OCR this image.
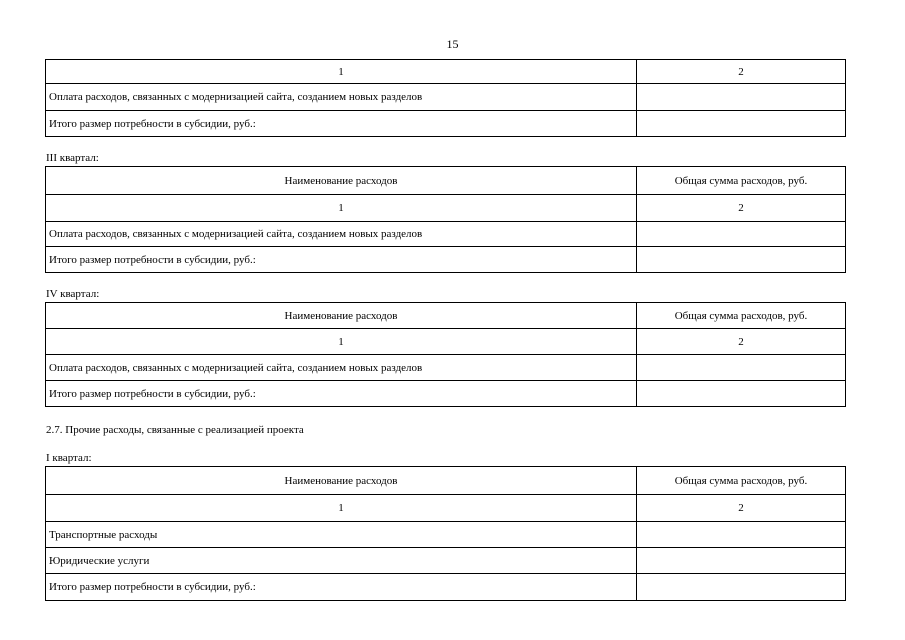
15
1	2
Оплата расходов, связанных с модернизацией сайта, созданием новых разделов	
Итого размер потребности в субсидии, руб.:	
III квартал:
Наименование расходов	Общая сумма расходов, руб.
1	2
Оплата расходов, связанных с модернизацией сайта, созданием новых разделов	
Итого размер потребности в субсидии, руб.:	
IV квартал:
Наименование расходов	Общая сумма расходов, руб.
1	2
Оплата расходов, связанных с модернизацией сайта, созданием новых разделов	
Итого размер потребности в субсидии, руб.:	
2.7. Прочие расходы, связанные с реализацией проекта
I квартал:
Наименование расходов	Общая сумма расходов, руб.
1	2
Транспортные расходы	
Юридические услуги	
Итого размер потребности в субсидии, руб.:	
